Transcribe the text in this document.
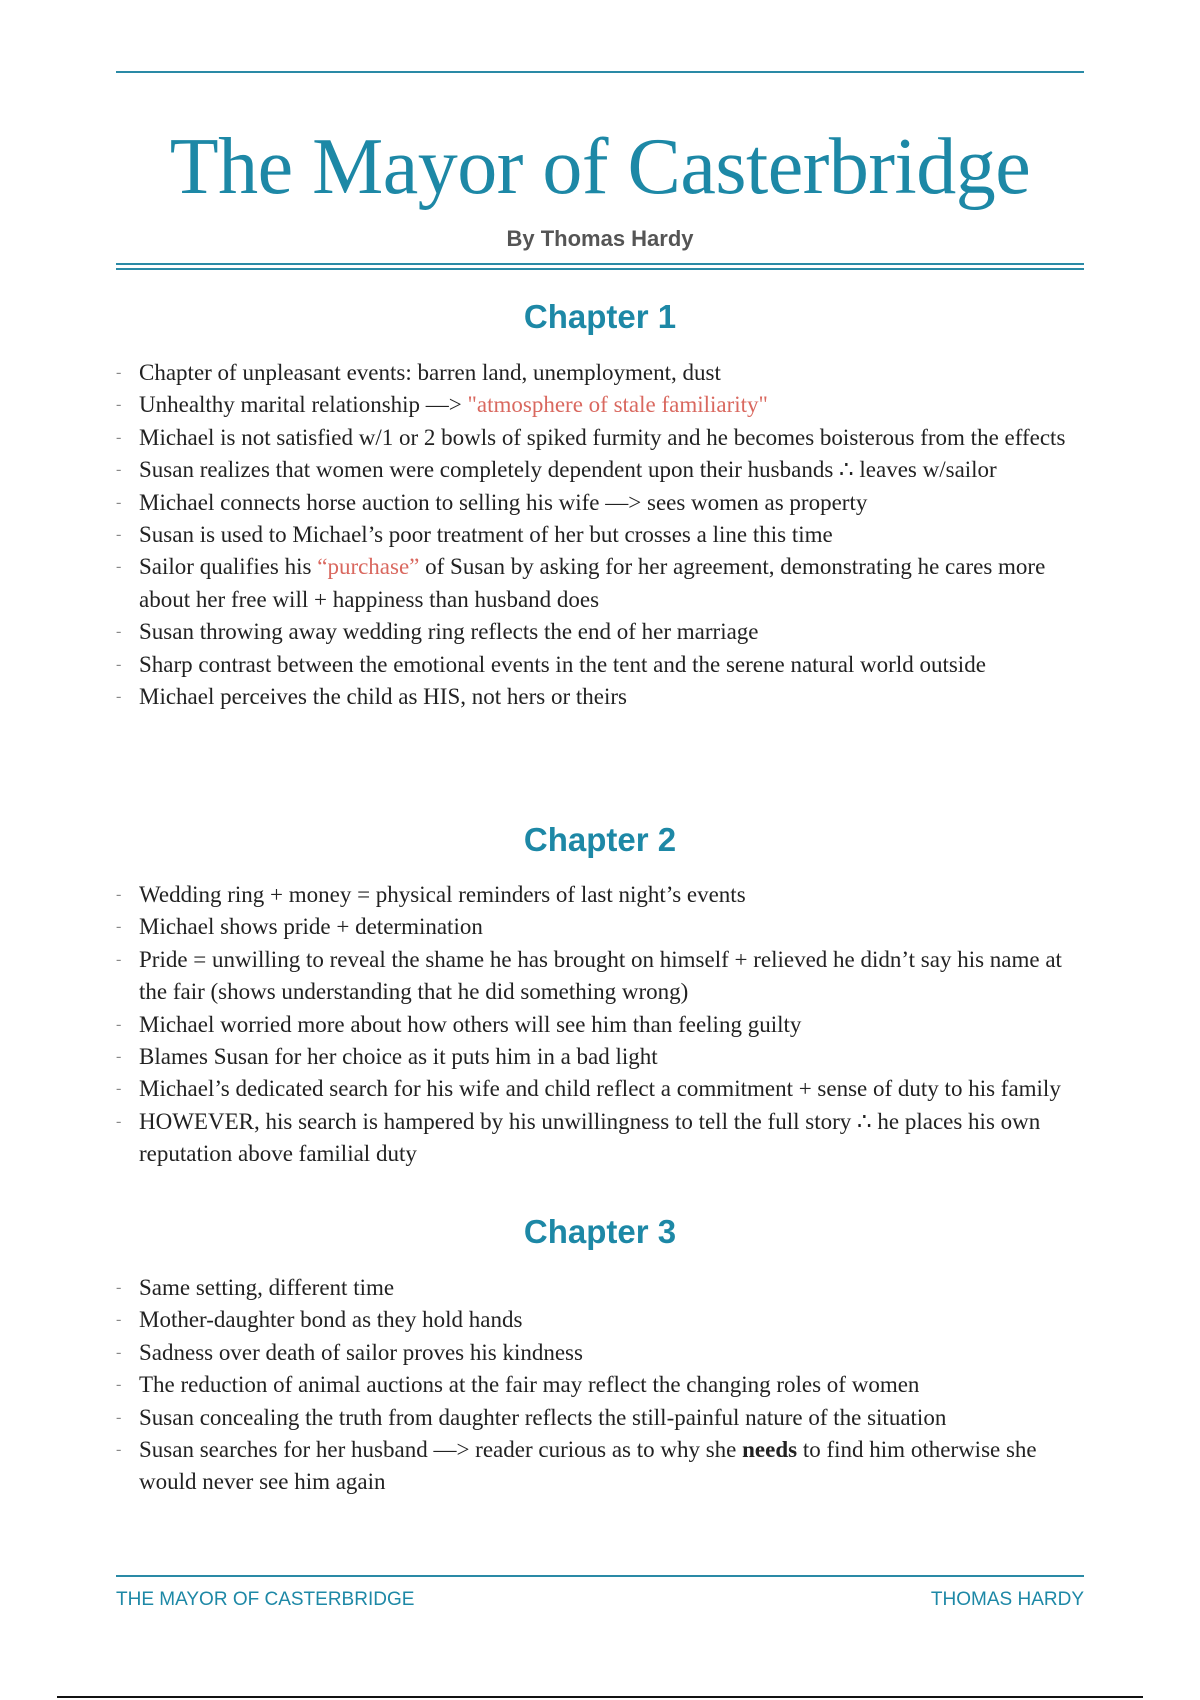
The Mayor of Casterbridge
By Thomas Hardy
Chapter 1
- Chapter of unpleasant events: barren land, unemployment, dust
- Unhealthy marital relationship —> "atmosphere of stale familiarity"
- Michael is not satisfied w/1 or 2 bowls of spiked furmity and he becomes boisterous from the effects
- Susan realizes that women were completely dependent upon their husbands ∴ leaves w/sailor
- Michael connects horse auction to selling his wife —> sees women as property
- Susan is used to Michael’s poor treatment of her but crosses a line this time
- Sailor qualifies his “purchase” of Susan by asking for her agreement, demonstrating he cares more about her free will + happiness than husband does
- Susan throwing away wedding ring reflects the end of her marriage
- Sharp contrast between the emotional events in the tent and the serene natural world outside
- Michael perceives the child as HIS, not hers or theirs
Chapter 2
- Wedding ring + money = physical reminders of last night’s events
- Michael shows pride + determination
- Pride = unwilling to reveal the shame he has brought on himself + relieved he didn’t say his name at the fair (shows understanding that he did something wrong)
- Michael worried more about how others will see him than feeling guilty
- Blames Susan for her choice as it puts him in a bad light
- Michael’s dedicated search for his wife and child reflect a commitment + sense of duty to his family
- HOWEVER, his search is hampered by his unwillingness to tell the full story ∴ he places his own reputation above familial duty
Chapter 3
- Same setting, different time
- Mother-daughter bond as they hold hands
- Sadness over death of sailor proves his kindness
- The reduction of animal auctions at the fair may reflect the changing roles of women
- Susan concealing the truth from daughter reflects the still-painful nature of the situation
- Susan searches for her husband —> reader curious as to why she needs to find him otherwise she would never see him again
THE MAYOR OF CASTERBRIDGE	THOMAS HARDY
